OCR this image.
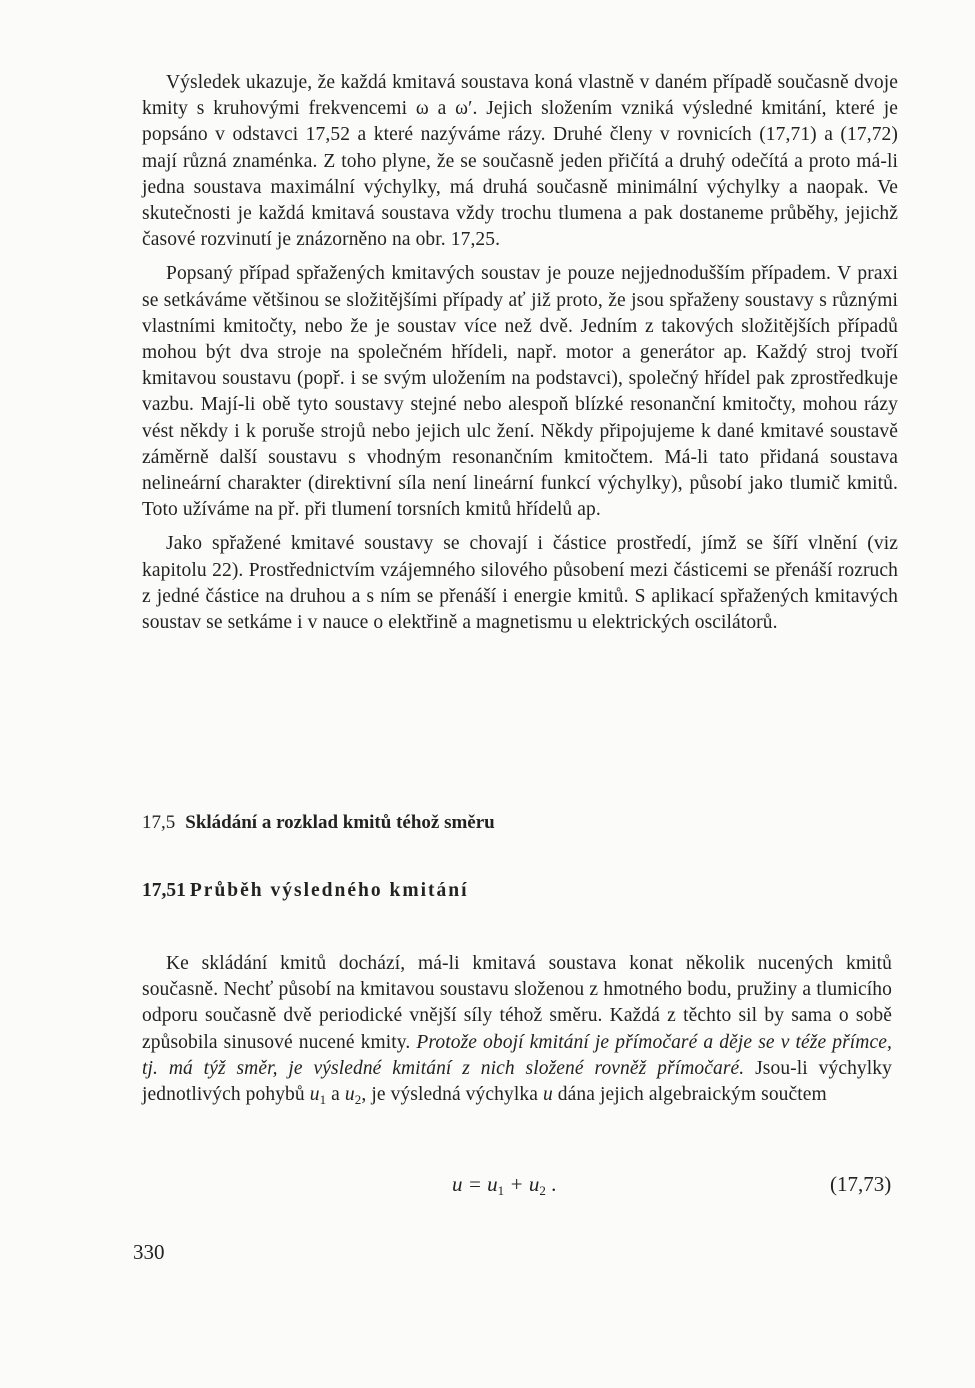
Výsledek ukazuje, že každá kmitavá soustava koná vlastně v daném případě současně dvoje kmity s kruhovými frekvencemi ω a ω′. Jejich složením vzniká výsledné kmitání, které je popsáno v odstavci 17,52 a které nazýváme rázy. Druhé členy v rovnicích (17,71) a (17,72) mají různá znaménka. Z toho plyne, že se současně jeden přičítá a druhý odečítá a proto má-li jedna soustava maximální výchylky, má druhá současně minimální výchylky a naopak. Ve skutečnosti je každá kmitavá soustava vždy trochu tlumena a pak dostaneme průběhy, jejichž časové rozvinutí je znázorněno na obr. 17,25.

Popsaný případ spřažených kmitavých soustav je pouze nejjednodušším případem. V praxi se setkáváme většinou se složitějšími případy ať již proto, že jsou spřaženy soustavy s různými vlastními kmitočty, nebo že je soustav více než dvě. Jedním z takových složitějších případů mohou být dva stroje na společném hřídeli, např. motor a generátor ap. Každý stroj tvoří kmitavou soustavu (popř. i se svým uložením na podstavci), společný hřídel pak zprostředkuje vazbu. Mají-li obě tyto soustavy stejné nebo alespoň blízké resonanční kmitočty, mohou rázy vést někdy i k poruše strojů nebo jejich ulc žení. Někdy připojujeme k dané kmitavé soustavě záměrně další soustavu s vhodným resonančním kmitočtem. Má-li tato přidaná soustava nelineární charakter (direktivní síla není lineární funkcí výchylky), působí jako tlumič kmitů. Toto užíváme na př. při tlumení torsních kmitů hřídelů ap.

Jako spřažené kmitavé soustavy se chovají i částice prostředí, jímž se šíří vlnění (viz kapitolu 22). Prostřednictvím vzájemného silového působení mezi částicemi se přenáší rozruch z jedné částice na druhou a s ním se přenáší i energie kmitů. S aplikací spřažených kmitavých soustav se setkáme i v nauce o elektřině a magnetismu u elektrických oscilátorů.

17,5 Skládání a rozklad kmitů téhož směru
17,51 Průběh výsledného kmitání

Ke skládání kmitů dochází, má-li kmitavá soustava konat několik nucených kmitů současně. Nechť působí na kmitavou soustavu složenou z hmotného bodu, pružiny a tlumicího odporu současně dvě periodické vnější síly téhož směru. Každá z těchto sil by sama o sobě způsobila sinusové nucené kmity. Protože obojí kmitání je přímočaré a děje se v téže přímce, tj. má týž směr, je výsledné kmitání z nich složené rovněž přímočaré. Jsou-li výchylky jednotlivých pohybů $u_1$ a $u_2$, je výsledná výchylka u dána jejich algebraickým součtem

$u = u_1 + u_2$ .	(17,73)
330
